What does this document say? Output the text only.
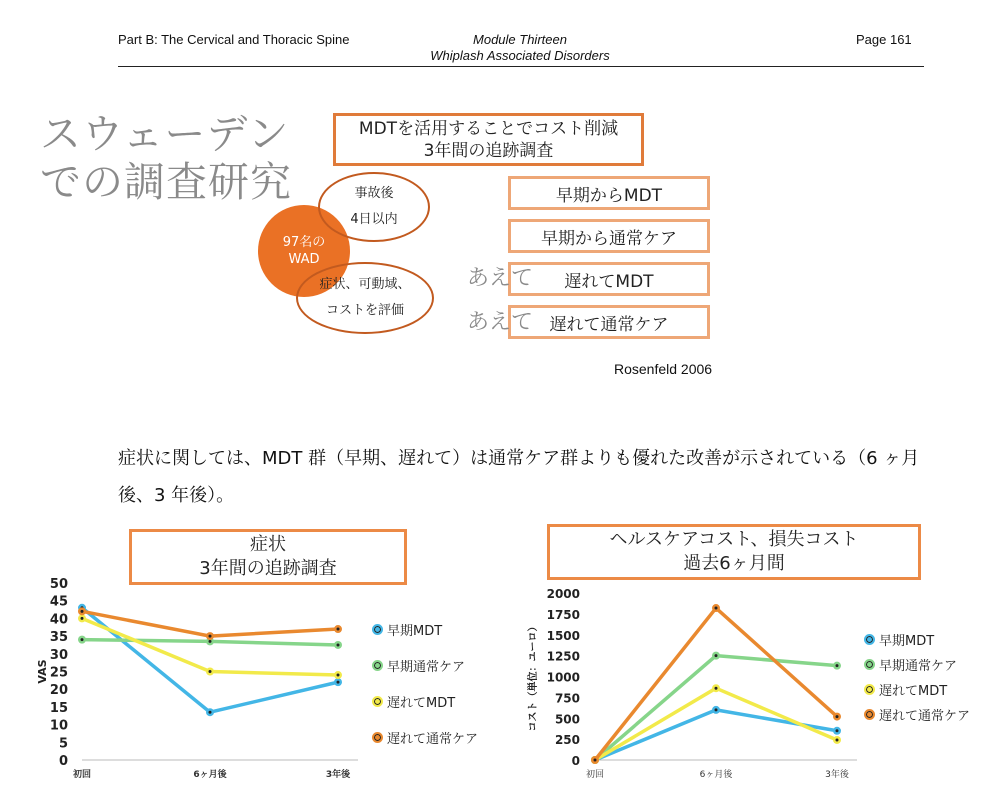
Part B: The Cervical and Thoracic Spine	Module Thirteen
Whiplash Associated Disorders
Page 161
スウェーデン
での調査研究
MDTを活用することでコスト削減
3年間の追跡調査
97名の
WAD
事故後
4日以内
症状、可動域、
コストを評価
早期からMDT
早期から通常ケア
遅れてMDT
遅れて通常ケア
あえて
あえて
Rosenfeld 2006
症状に関しては、MDT 群（早期、遅れて）は通常ケア群よりも優れた改善が示されている（6 ヶ月後、3 年後）。
症状
3年間の追跡調査
0
5
10
15
20
25
30
35
40
45
50
VAS
初回	6ヶ月後	3年後
早期MDT
早期通常ケア
遅れてMDT
遅れて通常ケア
ヘルスケアコスト、損失コスト
過去6ヶ月間
0
250
500
750
1000
1250
1500
1750
2000
コスト（単位：ユーロ）
初回	6ヶ月後	3年後
早期MDT
早期通常ケア
遅れてMDT
遅れて通常ケア
